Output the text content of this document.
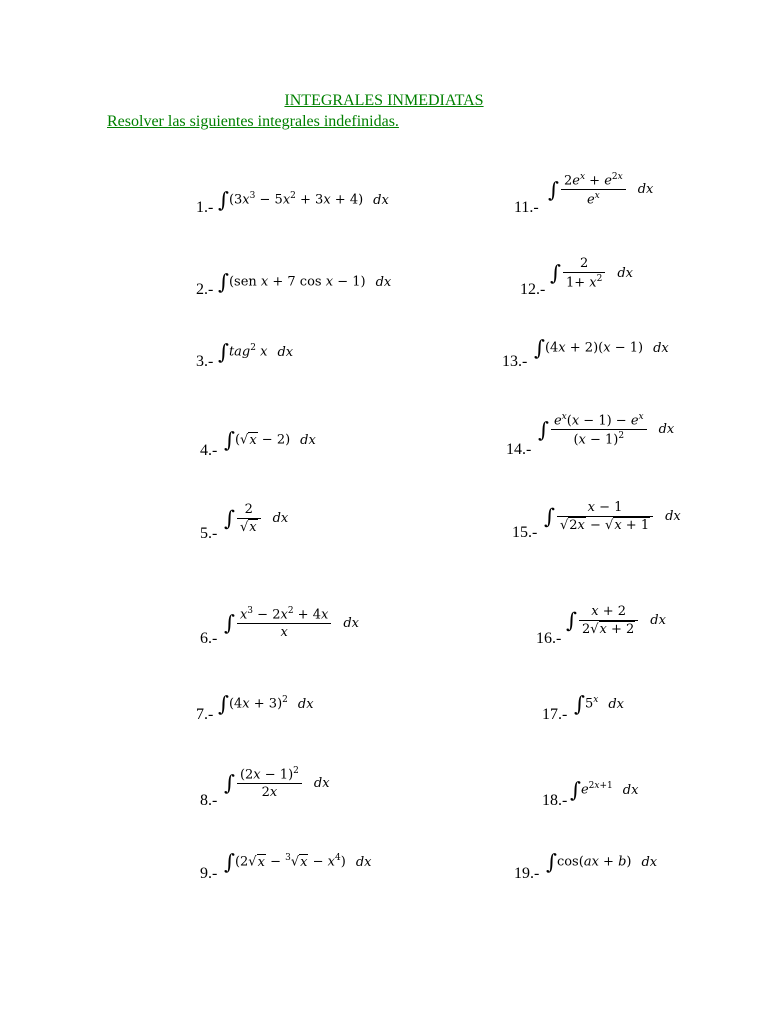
INTEGRALES INMEDIATAS
Resolver las siguientes integrales indefinidas.
1.- $\int(3x^3 - 5x^2 + 3x + 4)$ dx
2.- ∫(sen x + 7 cos x − 1) dx
3.- ∫tag$^2$ x dx
4.- ∫(√x − 2) dx
5.-
∫ $\frac{2}{√x}$ dx
6.-
∫ $\frac{x^3 - 2x^2 + 4x}{x}$ dx
7.- $\int(4x + 3)^2$ dx
8.-
∫ $\frac{(2x - 1)^2}{2x}$ dx
9.- $\int(2√x - ^3√x - x^4)$ dx
11.-
∫ $\frac{2e^x + e^{2x}}{e^x}$ dx
12.-
∫ $\frac{2}{1+ x^2}$ dx
13.-
∫(4x + 2)(x − 1) dx
14.-
∫ $\frac{e^x(x - 1) - e^x}{(x - 1)^2}$ dx
15.-
∫ $\frac{x - 1}{√2x - √x + 1}$ dx
16.-
∫ $\frac{x + 2}{2√x + 2}$ dx
17.- ∫5$^x$ dx
18.- $\int e^{2x+1}$ dx
19.- ∫cos(ax + b) dx
